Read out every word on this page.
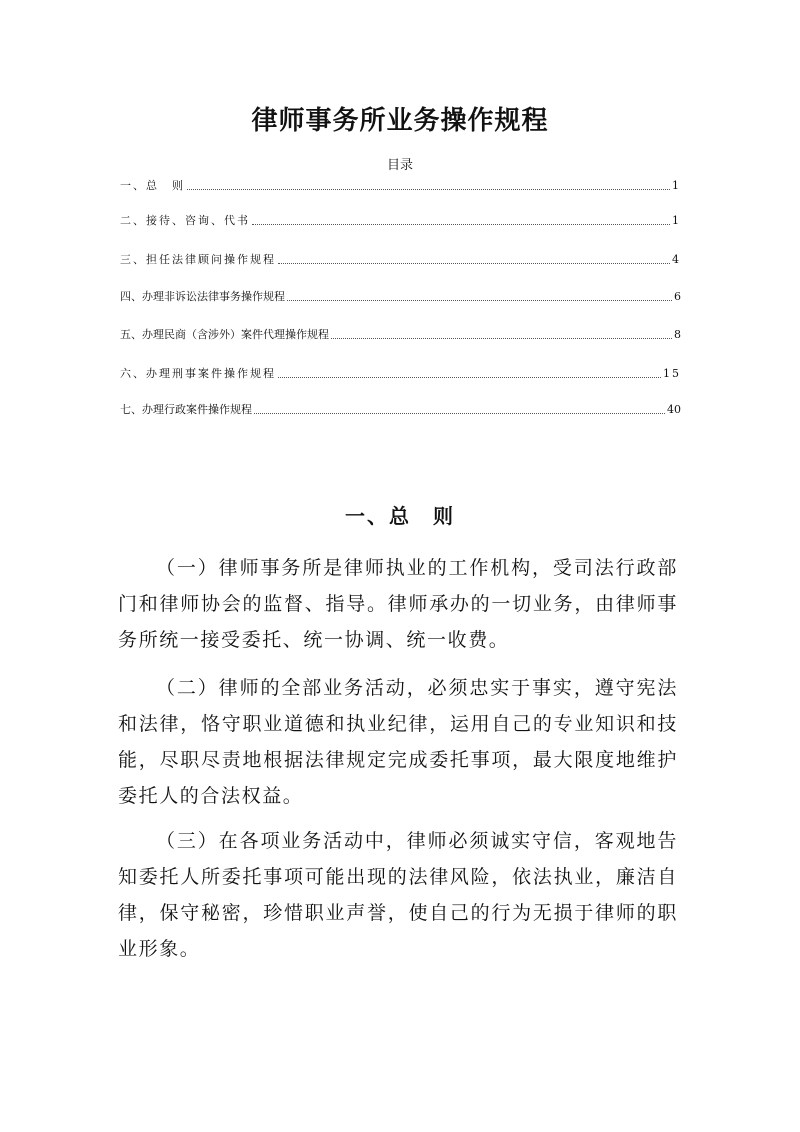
律师事务所业务操作规程
目录
一、总　则	1
二、接待、咨询、代书	1
三、担任法律顾问操作规程	4
四、办理非诉讼法律事务操作规程	6
五、办理民商（含涉外）案件代理操作规程	8
六、办理刑事案件操作规程	15
七、办理行政案件操作规程	40
一、总　则

（一）律师事务所是律师执业的工作机构，受司法行政部门和律师协会的监督、指导。律师承办的一切业务，由律师事务所统一接受委托、统一协调、统一收费。

（二）律师的全部业务活动，必须忠实于事实，遵守宪法和法律，恪守职业道德和执业纪律，运用自己的专业知识和技能，尽职尽责地根据法律规定完成委托事项，最大限度地维护委托人的合法权益。

（三）在各项业务活动中，律师必须诚实守信，客观地告知委托人所委托事项可能出现的法律风险，依法执业，廉洁自律，保守秘密，珍惜职业声誉，使自己的行为无损于律师的职业形象。
